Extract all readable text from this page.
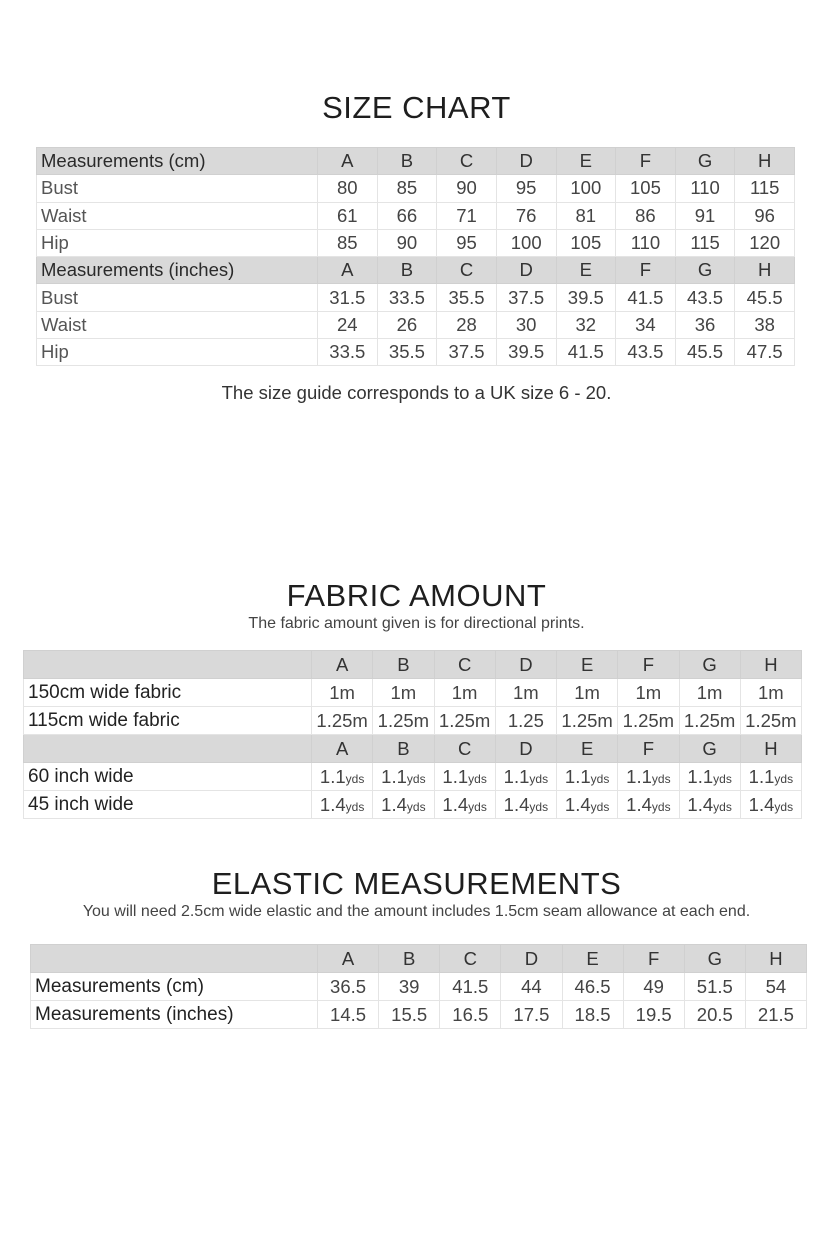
SIZE CHART
Measurements (cm)	A	B	C	D	E	F	G	H
Bust	80	85	90	95	100	105	110	115
Waist	61	66	71	76	81	86	91	96
Hip	85	90	95	100	105	110	115	120
Measurements (inches)	A	B	C	D	E	F	G	H
Bust	31.5	33.5	35.5	37.5	39.5	41.5	43.5	45.5
Waist	24	26	28	30	32	34	36	38
Hip	33.5	35.5	37.5	39.5	41.5	43.5	45.5	47.5
The size guide corresponds to a UK size 6 - 20.
FABRIC AMOUNT
The fabric amount given is for directional prints.
	A	B	C	D	E	F	G	H
150cm wide fabric	1m	1m	1m	1m	1m	1m	1m	1m
115cm wide fabric	1.25m	1.25m	1.25m	1.25	1.25m	1.25m	1.25m	1.25m
	A	B	C	D	E	F	G	H
60 inch wide	1.1yds	1.1yds	1.1yds	1.1yds	1.1yds	1.1yds	1.1yds	1.1yds
45 inch wide	1.4yds	1.4yds	1.4yds	1.4yds	1.4yds	1.4yds	1.4yds	1.4yds
ELASTIC MEASUREMENTS
You will need 2.5cm wide elastic and the amount includes 1.5cm seam allowance at each end.
	A	B	C	D	E	F	G	H
Measurements (cm)	36.5	39	41.5	44	46.5	49	51.5	54
Measurements (inches)	14.5	15.5	16.5	17.5	18.5	19.5	20.5	21.5
